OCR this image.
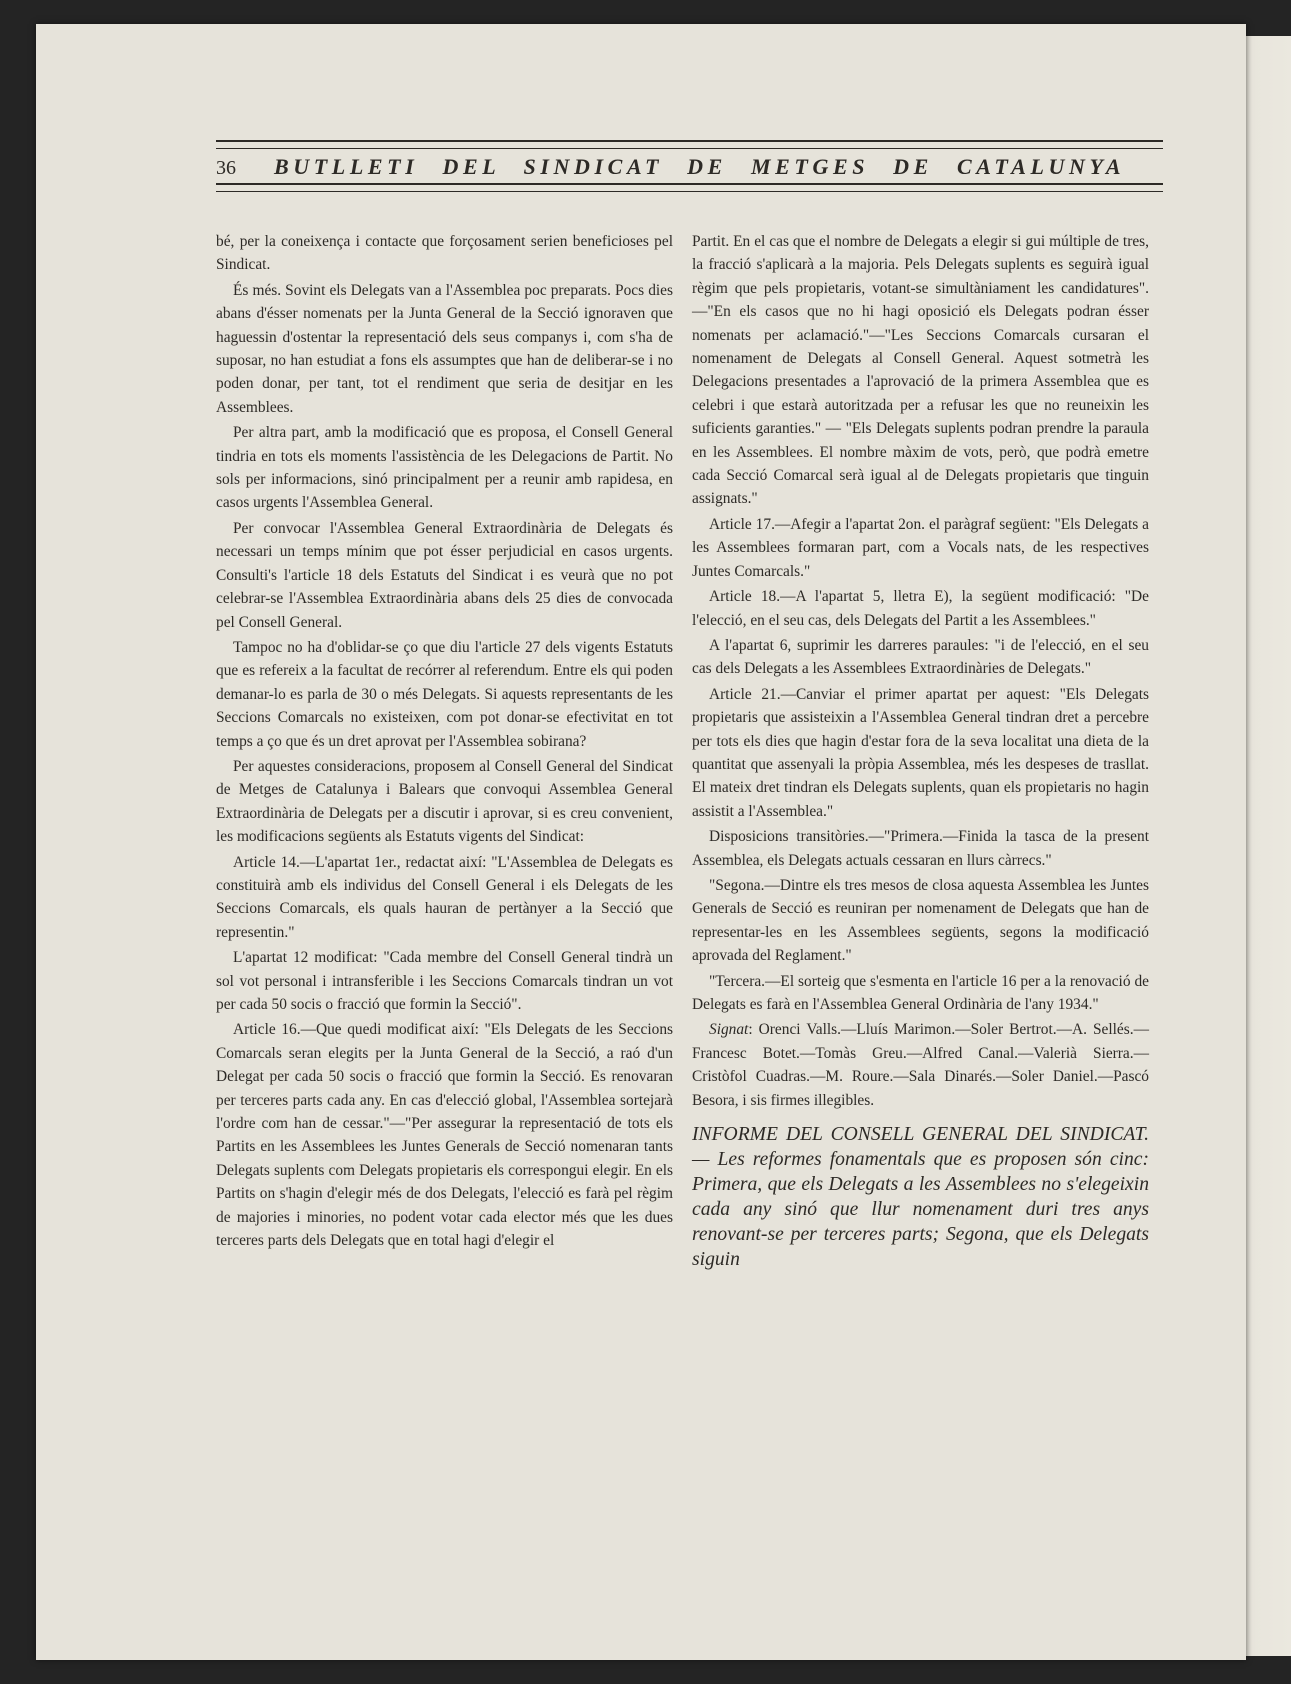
36	BUTLLETI DEL SINDICAT DE METGES DE CATALUNYA

bé, per la coneixença i contacte que forçosament serien beneficioses pel Sindicat.

És més. Sovint els Delegats van a l'Assemblea poc preparats. Pocs dies abans d'ésser nomenats per la Junta General de la Secció ignoraven que haguessin d'ostentar la representació dels seus companys i, com s'ha de suposar, no han estudiat a fons els assumptes que han de deliberar-se i no poden donar, per tant, tot el rendiment que seria de desitjar en les Assemblees.

Per altra part, amb la modificació que es proposa, el Consell General tindria en tots els moments l'assistència de les Delegacions de Partit. No sols per informacions, sinó principalment per a reunir amb rapidesa, en casos urgents l'Assemblea General.

Per convocar l'Assemblea General Extraordinària de Delegats és necessari un temps mínim que pot ésser perjudicial en casos urgents. Consulti's l'article 18 dels Estatuts del Sindicat i es veurà que no pot celebrar-se l'Assemblea Extraordinària abans dels 25 dies de convocada pel Consell General.

Tampoc no ha d'oblidar-se ço que diu l'article 27 dels vigents Estatuts que es refereix a la facultat de recórrer al referendum. Entre els qui poden demanar-lo es parla de 30 o més Delegats. Si aquests representants de les Seccions Comarcals no existeixen, com pot donar-se efectivitat en tot temps a ço que és un dret aprovat per l'Assemblea sobirana?

Per aquestes consideracions, proposem al Consell General del Sindicat de Metges de Catalunya i Balears que convoqui Assemblea General Extraordinària de Delegats per a discutir i aprovar, si es creu convenient, les modificacions següents als Estatuts vigents del Sindicat:

Article 14.—L'apartat 1er., redactat així: "L'Assemblea de Delegats es constituirà amb els individus del Consell General i els Delegats de les Seccions Comarcals, els quals hauran de pertànyer a la Secció que representin."

L'apartat 12 modificat: "Cada membre del Consell General tindrà un sol vot personal i intransferible i les Seccions Comarcals tindran un vot per cada 50 socis o fracció que formin la Secció".

Article 16.—Que quedi modificat així: "Els Delegats de les Seccions Comarcals seran elegits per la Junta General de la Secció, a raó d'un Delegat per cada 50 socis o fracció que formin la Secció. Es renovaran per terceres parts cada any. En cas d'elecció global, l'Assemblea sortejarà l'ordre com han de cessar."—"Per assegurar la representació de tots els Partits en les Assemblees les Juntes Generals de Secció nomenaran tants Delegats suplents com Delegats propietaris els correspongui elegir. En els Partits on s'hagin d'elegir més de dos Delegats, l'elecció es farà pel règim de majories i minories, no podent votar cada elector més que les dues terceres parts dels Delegats que en total hagi d'elegir el

Partit. En el cas que el nombre de Delegats a elegir si gui múltiple de tres, la fracció s'aplicarà a la majoria. Pels Delegats suplents es seguirà igual règim que pels propietaris, votant-se simultàniament les candidatures". —"En els casos que no hi hagi oposició els Delegats podran ésser nomenats per aclamació."—"Les Seccions Comarcals cursaran el nomenament de Delegats al Consell General. Aquest sotmetrà les Delegacions presentades a l'aprovació de la primera Assemblea que es celebri i que estarà autoritzada per a refusar les que no reuneixin les suficients garanties." — "Els Delegats suplents podran prendre la paraula en les Assemblees. El nombre màxim de vots, però, que podrà emetre cada Secció Comarcal serà igual al de Delegats propietaris que tinguin assignats."

Article 17.—Afegir a l'apartat 2on. el paràgraf següent: "Els Delegats a les Assemblees formaran part, com a Vocals nats, de les respectives Juntes Comarcals."

Article 18.—A l'apartat 5, lletra E), la següent modificació: "De l'elecció, en el seu cas, dels Delegats del Partit a les Assemblees."

A l'apartat 6, suprimir les darreres paraules: "i de l'elecció, en el seu cas dels Delegats a les Assemblees Extraordinàries de Delegats."

Article 21.—Canviar el primer apartat per aquest: "Els Delegats propietaris que assisteixin a l'Assemblea General tindran dret a percebre per tots els dies que hagin d'estar fora de la seva localitat una dieta de la quantitat que assenyali la pròpia Assemblea, més les despeses de trasllat. El mateix dret tindran els Delegats suplents, quan els propietaris no hagin assistit a l'Assemblea."

Disposicions transitòries.—"Primera.—Finida la tasca de la present Assemblea, els Delegats actuals cessaran en llurs càrrecs."

"Segona.—Dintre els tres mesos de closa aquesta Assemblea les Juntes Generals de Secció es reuniran per nomenament de Delegats que han de representar-les en les Assemblees següents, segons la modificació aprovada del Reglament."

"Tercera.—El sorteig que s'esmenta en l'article 16 per a la renovació de Delegats es farà en l'Assemblea General Ordinària de l'any 1934."

Signat: Orenci Valls.—Lluís Marimon.—Soler Bertrot.—A. Sellés.—Francesc Botet.—Tomàs Greu.—Alfred Canal.—Valerià Sierra.—Cristòfol Cuadras.—M. Roure.—Sala Dinarés.—Soler Daniel.—Pascó Besora, i sis firmes illegibles.

INFORME DEL CONSELL GENERAL DEL SINDICAT. — Les reformes fonamentals que es proposen són cinc: Primera, que els Delegats a les Assemblees no s'elegeixin cada any sinó que llur nomenament duri tres anys renovant-se per terceres parts; Segona, que els Delegats siguin
